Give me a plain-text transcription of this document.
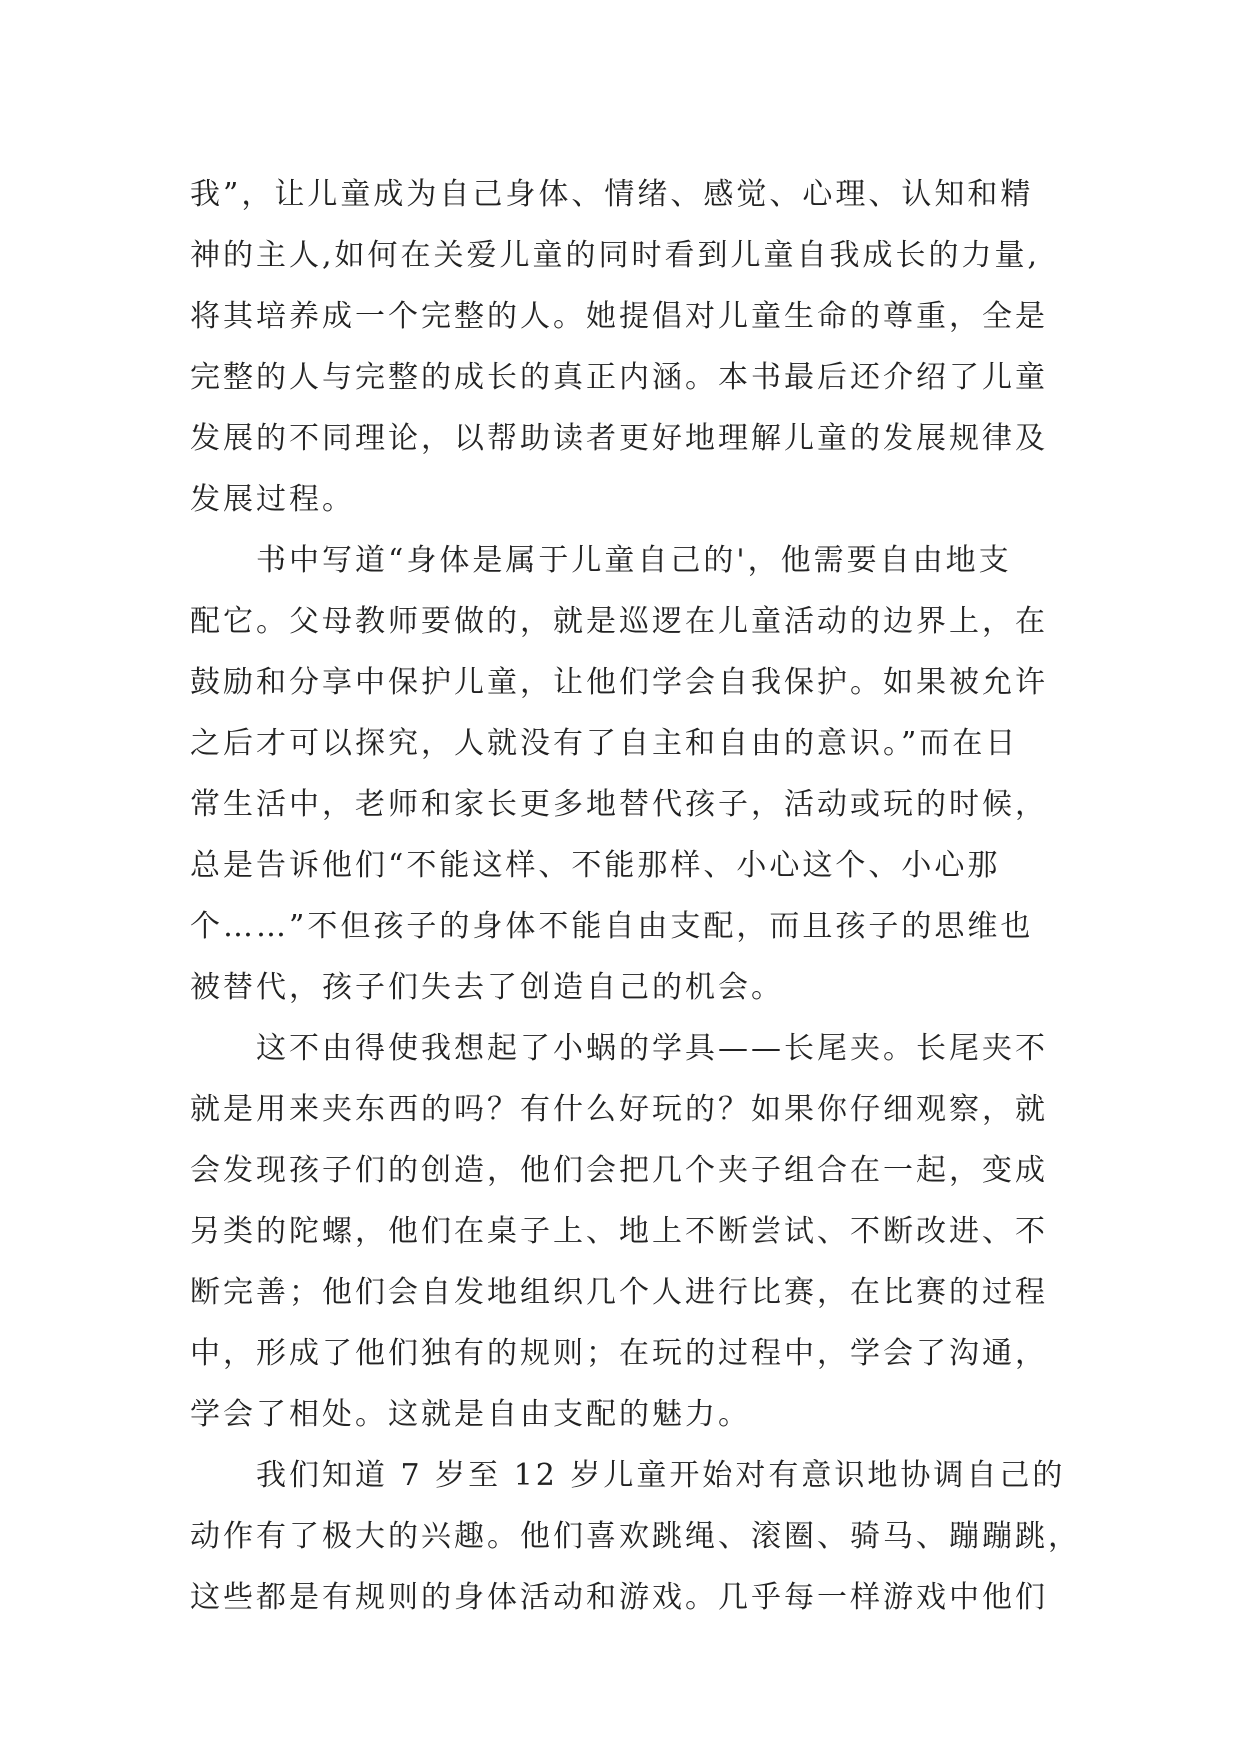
我”，让儿童成为自己身体、情绪、感觉、心理、认知和精
神的主人,如何在关爱儿童的同时看到儿童自我成长的力量,
将其培养成一个完整的人。她提倡对儿童生命的尊重，全是
完整的人与完整的成长的真正内涵。本书最后还介绍了儿童
发展的不同理论，以帮助读者更好地理解儿童的发展规律及
发展过程。
书中写道“身体是属于儿童自己的'，他需要自由地支
配它。父母教师要做的，就是巡逻在儿童活动的边界上，在
鼓励和分享中保护儿童，让他们学会自我保护。如果被允许
之后才可以探究，人就没有了自主和自由的意识。”而在日
常生活中，老师和家长更多地替代孩子，活动或玩的时候，
总是告诉他们“不能这样、不能那样、小心这个、小心那
个……”不但孩子的身体不能自由支配，而且孩子的思维也
被替代，孩子们失去了创造自己的机会。
这不由得使我想起了小蜗的学具——长尾夹。长尾夹不
就是用来夹东西的吗？有什么好玩的？如果你仔细观察，就
会发现孩子们的创造，他们会把几个夹子组合在一起，变成
另类的陀螺，他们在桌子上、地上不断尝试、不断改进、不
断完善；他们会自发地组织几个人进行比赛，在比赛的过程
中，形成了他们独有的规则；在玩的过程中，学会了沟通，
学会了相处。这就是自由支配的魅力。
我们知道 7 岁至 12 岁儿童开始对有意识地协调自己的
动作有了极大的兴趣。他们喜欢跳绳、滚圈、骑马、蹦蹦跳，
这些都是有规则的身体活动和游戏。几乎每一样游戏中他们
